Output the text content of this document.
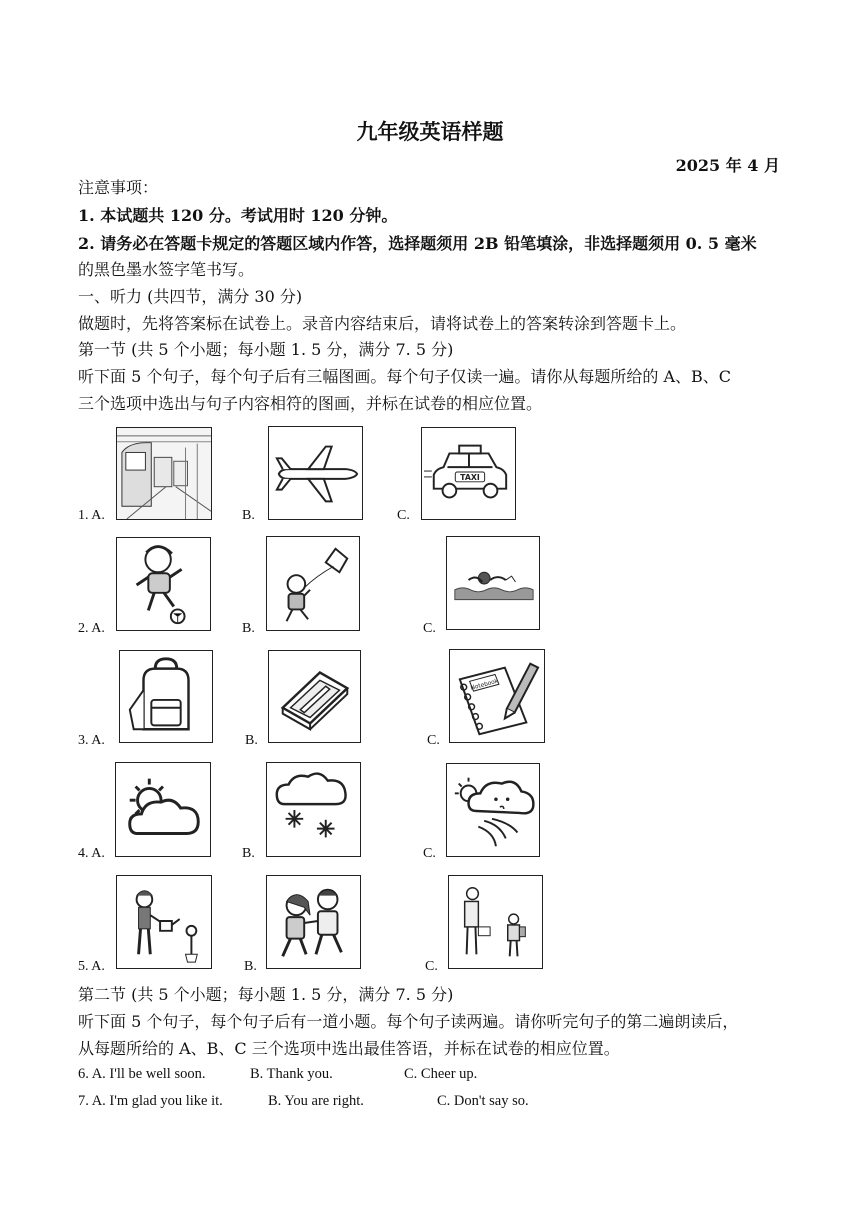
九年级英语样题
2025 年 4 月
注意事项：
1. 本试题共 120 分。考试用时 120 分钟。
2. 请务必在答题卡规定的答题区域内作答，选择题须用 2B 铅笔填涂，非选择题须用 0. 5 毫米
的黑色墨水签字笔书写。
一、听力 (共四节，满分 30 分)
做题时，先将答案标在试卷上。录音内容结束后，请将试卷上的答案转涂到答题卡上。
第一节 (共 5 个小题；每小题 1. 5 分，满分 7. 5 分)
听下面 5 个句子，每个句子后有三幅图画。每个句子仅读一遍。请你从每题所给的 A、B、C
三个选项中选出与句子内容相符的图画，并标在试卷的相应位置。
1. A.	B.	C.
TAXI
2. A.	B.	C.
3. A.	B.	C.
Notebook
4. A.	B.	C.
5. A.	B.	C.
第二节 (共 5 个小题；每小题 1. 5 分，满分 7. 5 分)
听下面 5 个句子，每个句子后有一道小题。每个句子读两遍。请你听完句子的第二遍朗读后，
从每题所给的 A、B、C 三个选项中选出最佳答语，并标在试卷的相应位置。
6. A. I'll be well soon.	B. Thank you.	C. Cheer up.
7. A. I'm glad you like it.	B. You are right.	C. Don't say so.
